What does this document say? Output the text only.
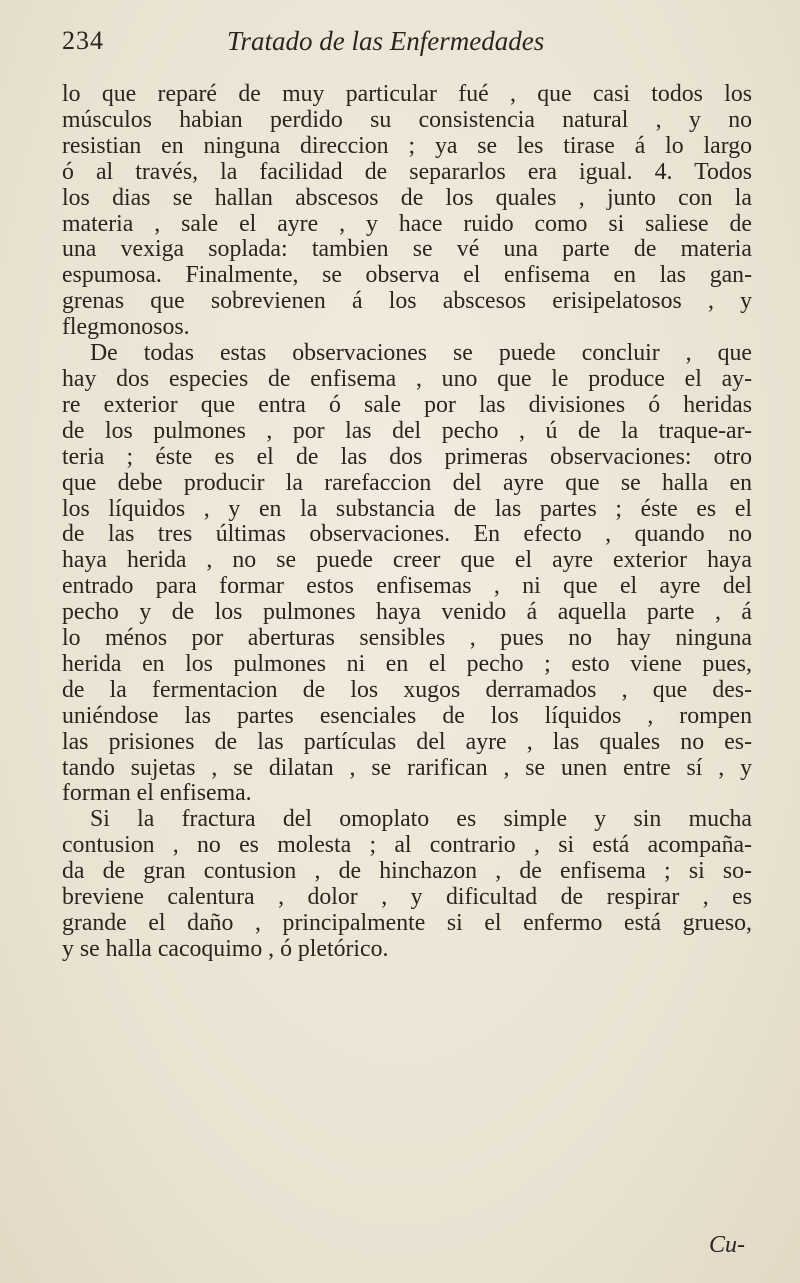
234	Tratado de las Enfermedades

lo que reparé de muy particular fué , que casi todos los
músculos habian perdido su consistencia natural , y no
resistian en ninguna direccion ; ya se les tirase á lo largo
ó al través, la facilidad de separarlos era igual. 4. Todos
los dias se hallan abscesos de los quales , junto con la
materia , sale el ayre , y hace ruido como si saliese de
una vexiga soplada: tambien se vé una parte de materia
espumosa. Finalmente, se observa el enfisema en las gan-
grenas que sobrevienen á los abscesos erisipelatosos , y
flegmonosos.

De todas estas observaciones se puede concluir , que
hay dos especies de enfisema , uno que le produce el ay-
re exterior que entra ó sale por las divisiones ó heridas
de los pulmones , por las del pecho , ú de la traque-ar-
teria ; éste es el de las dos primeras observaciones: otro
que debe producir la rarefaccion del ayre que se halla en
los líquidos , y en la substancia de las partes ; éste es el
de las tres últimas observaciones. En efecto , quando no
haya herida , no se puede creer que el ayre exterior haya
entrado para formar estos enfisemas , ni que el ayre del
pecho y de los pulmones haya venido á aquella parte , á
lo ménos por aberturas sensibles , pues no hay ninguna
herida en los pulmones ni en el pecho ; esto viene pues,
de la fermentacion de los xugos derramados , que des-
uniéndose las partes esenciales de los líquidos , rompen
las prisiones de las partículas del ayre , las quales no es-
tando sujetas , se dilatan , se rarifican , se unen entre sí , y
forman el enfisema.

Si la fractura del omoplato es simple y sin mucha
contusion , no es molesta ; al contrario , si está acompaña-
da de gran contusion , de hinchazon , de enfisema ; si so-
breviene calentura , dolor , y dificultad de respirar , es
grande el daño , principalmente si el enfermo está grueso,
y se halla cacoquimo , ó pletórico.

Cu-
